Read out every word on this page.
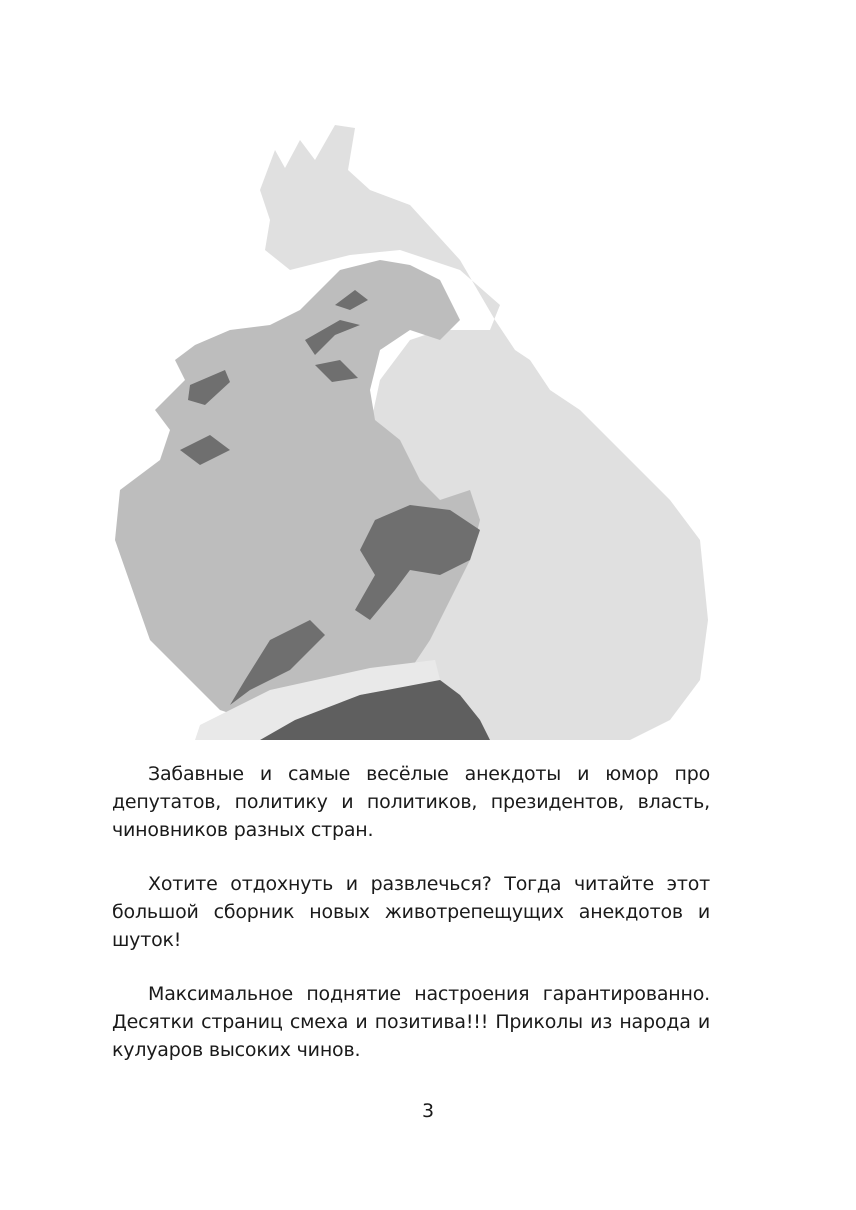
Забавные и самые весёлые анекдоты и юмор про депутатов, политику и политиков, президентов, власть, чиновников разных стран.

Хотите отдохнуть и развлечься? Тогда читайте этот большой сборник новых животрепещущих анекдотов и шуток!

Максимальное поднятие настроения гарантированно. Десятки страниц смеха и позитива!!! Приколы из народа и кулуаров высоких чинов.

3
